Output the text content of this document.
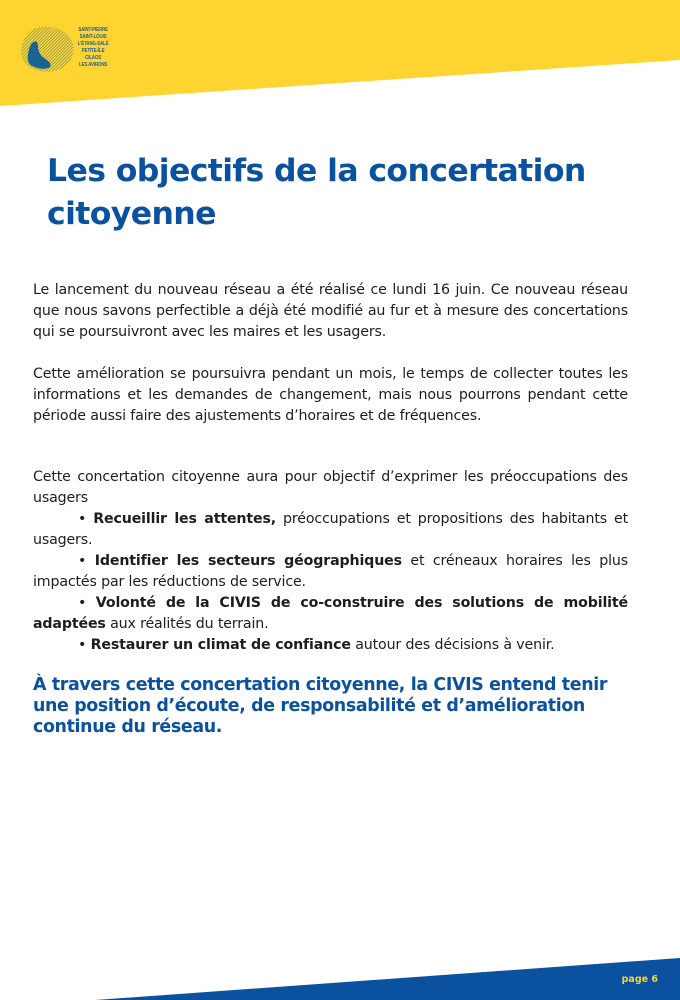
SAINT-PIERRE
SAINT-LOUIS
L'ÉTANG-SALÉ
PETITE-ÎLE
CILAOS
LES AVIRONS
Les objectifs de la concertation citoyenne

Le lancement du nouveau réseau a été réalisé ce lundi 16 juin. Ce nouveau réseau que nous savons perfectible a déjà été modifié au fur et à mesure des concertations qui se poursuivront avec les maires et les usagers.

Cette amélioration se poursuivra pendant un mois, le temps de collecter toutes les informations et les demandes de changement, mais nous pourrons pendant cette période aussi faire des ajustements d’horaires et de fréquences.

Cette concertation citoyenne aura pour objectif d’exprimer les préoccupations des usagers
• Recueillir les attentes, préoccupations et propositions des habitants et usagers.
• Identifier les secteurs géographiques et créneaux horaires les plus impactés par les réductions de service.
• Volonté de la CIVIS de co-construire des solutions de mobilité adaptées aux réalités du terrain.
• Restaurer un climat de confiance autour des décisions à venir.

À travers cette concertation citoyenne, la CIVIS entend tenir une position d’écoute, de responsabilité et d’amélioration continue du réseau.

page 6
